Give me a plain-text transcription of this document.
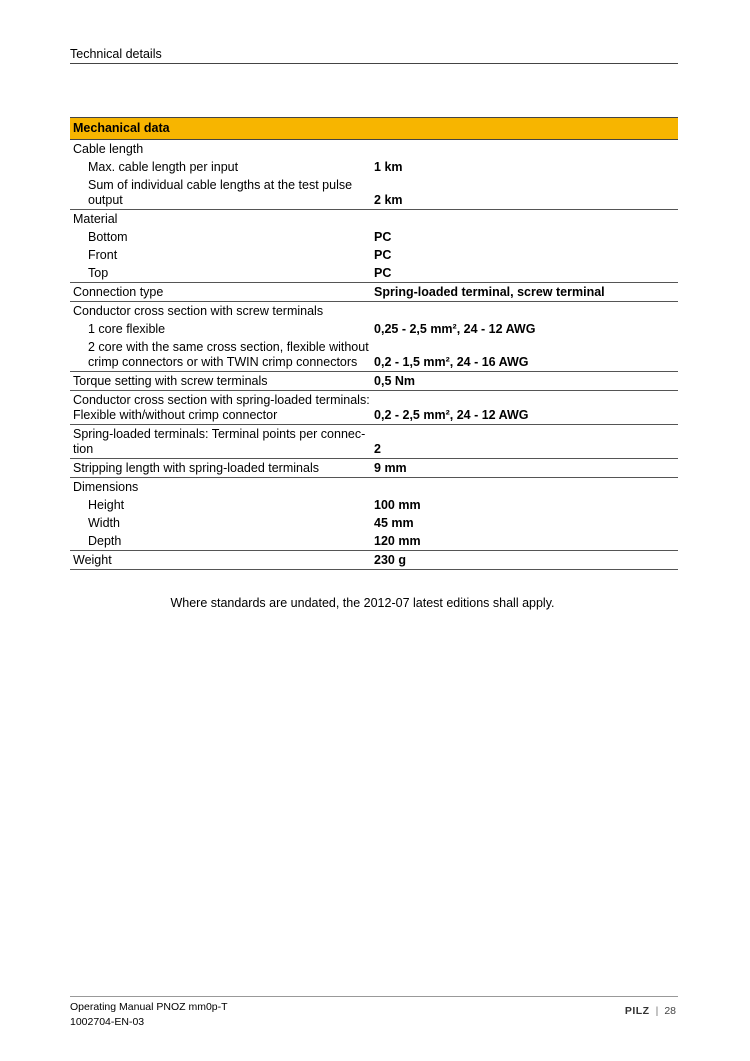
Technical details
Mechanical data
Cable length
Max. cable length per input	1 km
Sum of individual cable lengths at the test pulse output	2 km
Material
Bottom	PC
Front	PC
Top	PC
Connection type	Spring-loaded terminal, screw terminal
Conductor cross section with screw terminals
1 core flexible	0,25 - 2,5 mm², 24 - 12 AWG
2 core with the same cross section, flexible without crimp connectors or with TWIN crimp connectors	0,2 - 1,5 mm², 24 - 16 AWG
Torque setting with screw terminals	0,5 Nm
Conductor cross section with spring-loaded terminals: Flexible with/without crimp connector	0,2 - 2,5 mm², 24 - 12 AWG
Spring-loaded terminals: Terminal points per connec-tion	2
Stripping length with spring-loaded terminals	9 mm
Dimensions
Height	100 mm
Width	45 mm
Depth	120 mm
Weight	230 g
Where standards are undated, the 2012-07 latest editions shall apply.
Operating Manual PNOZ mm0p-T
1002704-EN-03
PILZ | 28
